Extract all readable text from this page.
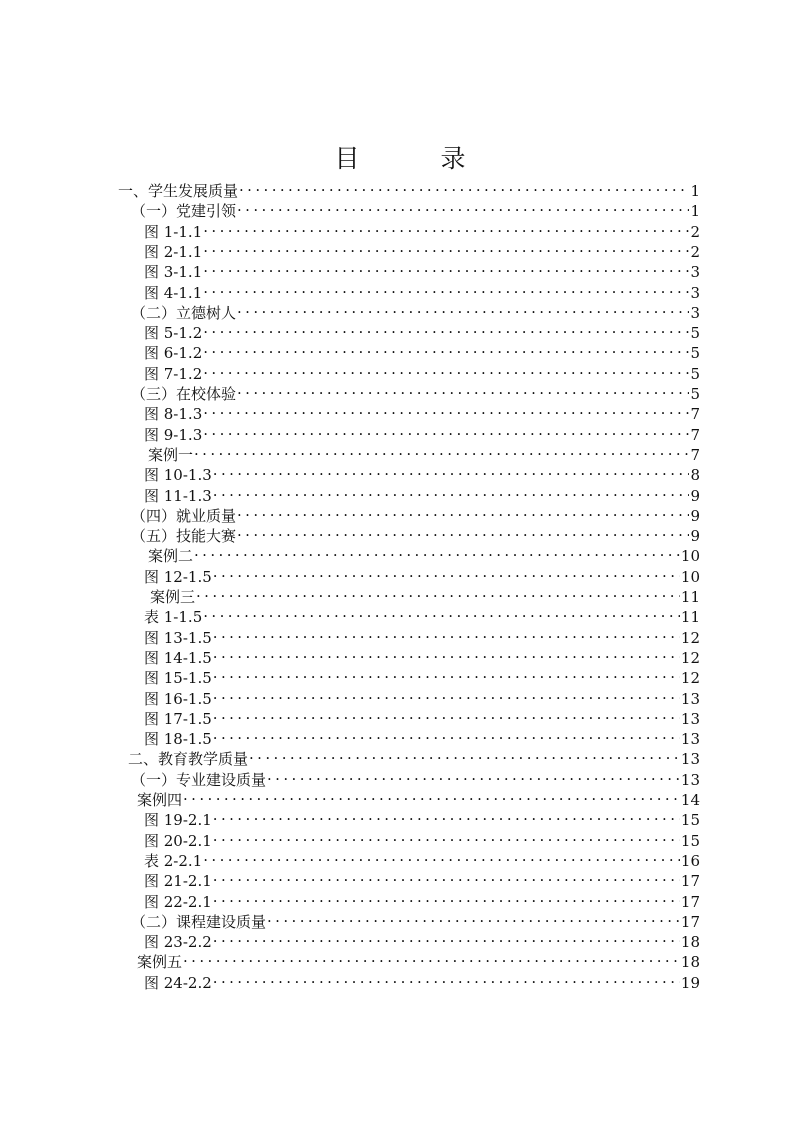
目　录
一、学生发展质量 .....	1
（一）党建引领 .....	1
图 1-1.1 .....	2
图 2-1.1 .....	2
图 3-1.1 .....	3
图 4-1.1 .....	3
（二）立德树人 .....	3
图 5-1.2 .....	5
图 6-1.2 .....	5
图 7-1.2 .....	5
（三）在校体验 .....	5
图 8-1.3 .....	7
图 9-1.3 .....	7
案例一 .....	7
图 10-1.3 .....	8
图 11-1.3 .....	9
（四）就业质量 .....	9
（五）技能大赛 .....	9
案例二 .....	10
图 12-1.5 .....	10
案例三 .....	11
表 1-1.5 .....	11
图 13-1.5 .....	12
图 14-1.5 .....	12
图 15-1.5 .....	12
图 16-1.5 .....	13
图 17-1.5 .....	13
图 18-1.5 .....	13
二、教育教学质量 .....	13
（一）专业建设质量 .....	13
案例四 .....	14
图 19-2.1 .....	15
图 20-2.1 .....	15
表 2-2.1 .....	16
图 21-2.1 .....	17
图 22-2.1 .....	17
（二）课程建设质量 .....	17
图 23-2.2 .....	18
案例五 .....	18
图 24-2.2 .....	19
